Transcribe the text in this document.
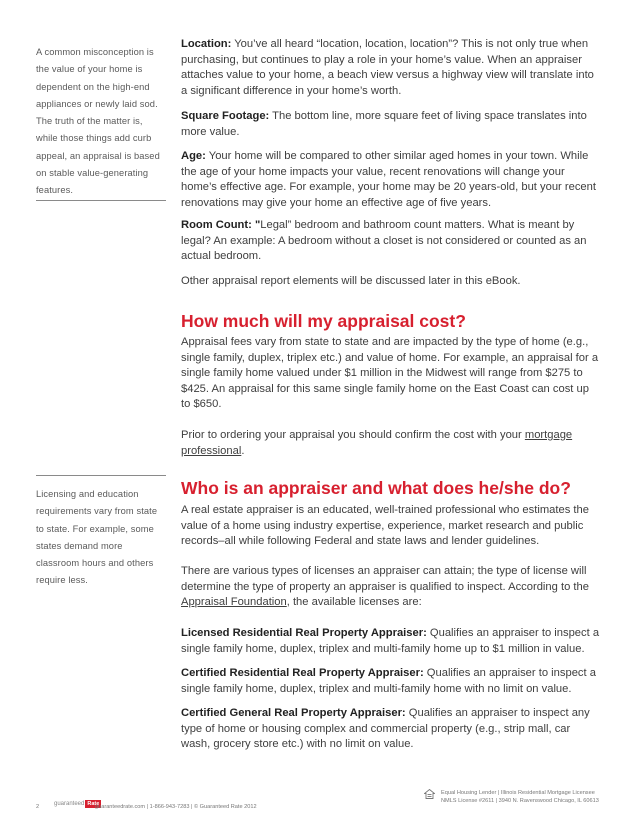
A common misconception is the value of your home is dependent on the high-end appliances or newly laid sod. The truth of the matter is, while those things add curb appeal, an appraisal is based on stable value-generating features.

Licensing and education requirements vary from state to state. For example, some states demand more classroom hours and others require less.

Location: You’ve all heard “location, location, location”? This is not only true when purchasing, but continues to play a role in your home’s value. When an appraiser attaches value to your home, a beach view versus a highway view will translate into a significant difference in your home’s worth.

Square Footage: The bottom line, more square feet of living space translates into more value.

Age: Your home will be compared to other similar aged homes in your town. While the age of your home impacts your value, recent renovations will change your home’s effective age. For example, your home may be 20 years-old, but your recent renovations may give your home an effective age of five years.

Room Count: "Legal” bedroom and bathroom count matters. What is meant by legal? An example: A bedroom without a closet is not considered or counted as an actual bedroom.

Other appraisal report elements will be discussed later in this eBook.

How much will my appraisal cost?

Appraisal fees vary from state to state and are impacted by the type of home (e.g., single family, duplex, triplex etc.) and value of home. For example, an appraisal for a single family home valued under $1 million in the Midwest will range from $275 to $425. An appraisal for this same single family home on the East Coast can cost up to $650.

Prior to ordering your appraisal you should confirm the cost with your mortgage professional.

Who is an appraiser and what does he/she do?

A real estate appraiser is an educated, well-trained professional who estimates the value of a home using industry expertise, experience, market research and public records–all while following Federal and state laws and lender guidelines.

There are various types of licenses an appraiser can attain; the type of license will determine the type of property an appraiser is qualified to inspect. According to the Appraisal Foundation, the available licenses are:

Licensed Residential Real Property Appraiser: Qualifies an appraiser to inspect a single family home, duplex, triplex and multi-family home up to $1 million in value.

Certified Residential Real Property Appraiser: Qualifies an appraiser to inspect a single family home, duplex, triplex and multi-family home with no limit on value.

Certified General Real Property Appraiser: Qualifies an appraiser to inspect any type of home or housing complex and commercial property (e.g., strip mall, car wash, grocery store etc.) with no limit on value.

2 guaranteed Rate
guaranteedrate.com | 1-866-943-7283 | © Guaranteed Rate 2012
Equal Housing Lender | Illinois Residential Mortgage Licensee
NMLS License #2611 | 3940 N. Ravenswood Chicago, IL 60613
